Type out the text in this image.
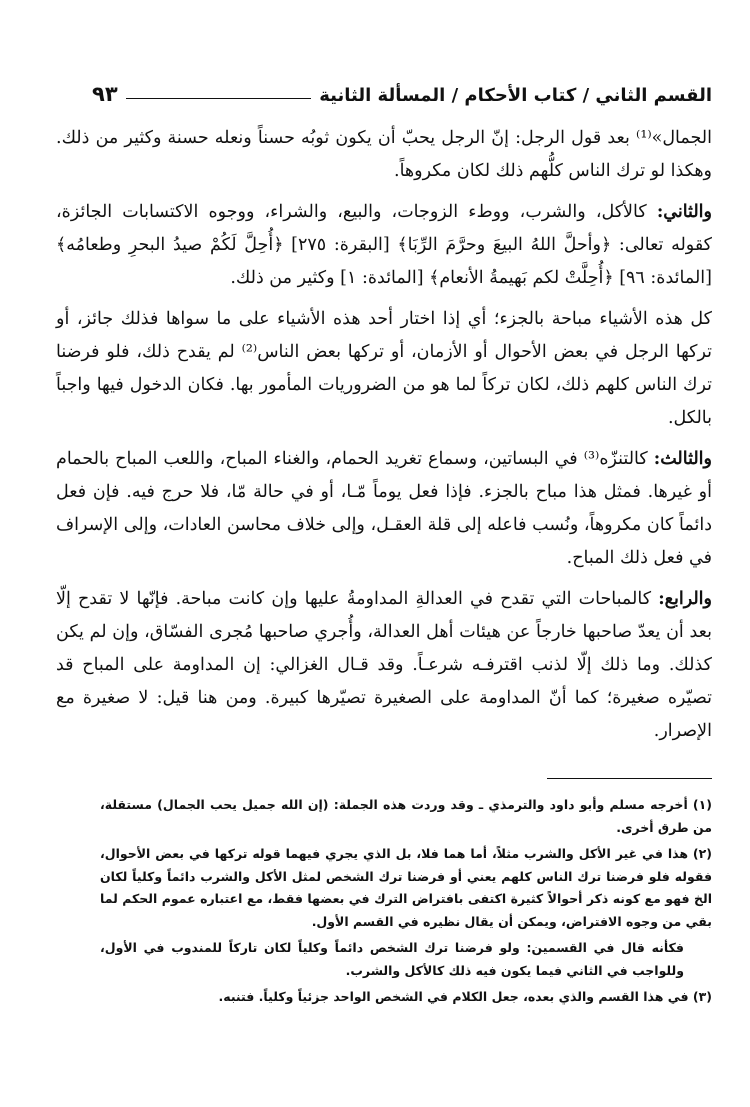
القسم الثاني / كتاب الأحكام / المسألة الثانية
٩٣

الجمال»⁽¹⁾ بعد قول الرجل: إنّ الرجل يحبّ أن يكون ثوبُه حسناً ونعله حسنة وكثير من ذلك. وهكذا لو ترك الناس كلُّهم ذلك لكان مكروهاً.

والثاني: كالأكل، والشرب، ووطء الزوجات، والبيع، والشراء، ووجوه الاكتسابات الجائزة، كقوله تعالى: ﴿وأحلَّ اللهُ البيعَ وحرَّمَ الرِّبَا﴾ [البقرة: ٢٧٥] ﴿أُحِلَّ لَكُمْ صيدُ البحرِ وطعامُه﴾ [المائدة: ٩٦] ﴿أُحِلَّتْ لكم بَهيمةُ الأنعام﴾ [المائدة: ١] وكثير من ذلك.

كل هذه الأشياء مباحة بالجزء؛ أي إذا اختار أحد هذه الأشياء على ما سواها فذلك جائز، أو تركها الرجل في بعض الأحوال أو الأزمان، أو تركها بعض الناس⁽²⁾ لم يقدح ذلك، فلو فرضنا ترك الناس كلهم ذلك، لكان تركاً لما هو من الضروريات المأمور بها. فكان الدخول فيها واجباً بالكل.

والثالث: كالتنزّه⁽³⁾ في البساتين، وسماع تغريد الحمام، والغناء المباح، واللعب المباح بالحمام أو غيرها. فمثل هذا مباح بالجزء. فإذا فعل يوماً مّـا، أو في حالة مّا، فلا حرج فيه. فإن فعل دائماً كان مكروهاً، ونُسب فاعله إلى قلة العقـل، وإلى خلاف محاسن العادات، وإلى الإسراف في فعل ذلك المباح.

والرابع: كالمباحات التي تقدح في العدالةِ المداومةُ عليها وإن كانت مباحة. فإنّها لا تقدح إلّا بعد أن يعدّ صاحبها خارجاً عن هيئات أهل العدالة، وأُجري صاحبها مُجرى الفسّاق، وإن لم يكن كذلك. وما ذلك إلّا لذنب اقترفـه شرعـاً. وقد قـال الغزالي: إن المداومة على المباح قد تصيّره صغيرة؛ كما أنّ المداومة على الصغيرة تصيّرها كبيرة. ومن هنا قيل: لا صغيرة مع الإصرار.

(١) أخرجه مسلم وأبو داود والترمذي ـ وقد وردت هذه الجملة: (إن الله جميل يحب الجمال) مستقلة، من طرق أخرى.

(٢) هذا في غير الأكل والشرب مثلاً، أما هما فلا، بل الذي يجري فيهما قوله تركها في بعض الأحوال، فقوله فلو فرضنا ترك الناس كلهم يعني أو فرضنا ترك الشخص لمثل الأكل والشرب دائماً وكلياً لكان الخ فهو مع كونه ذكر أحوالاً كثيرة اكتفى بافتراض الترك في بعضها فقط، مع اعتباره عموم الحكم لما بقي من وجوه الافتراض، ويمكن أن يقال نظيره في القسم الأول.

فكأنه قال في القسمين: ولو فرضنا ترك الشخص دائماً وكلياً لكان تاركاً للمندوب في الأول، وللواجب في الثاني فيما يكون فيه ذلك كالأكل والشرب.

(٣) في هذا القسم والذي بعده، جعل الكلام في الشخص الواحد جزئياً وكلياً. فتنبه.
